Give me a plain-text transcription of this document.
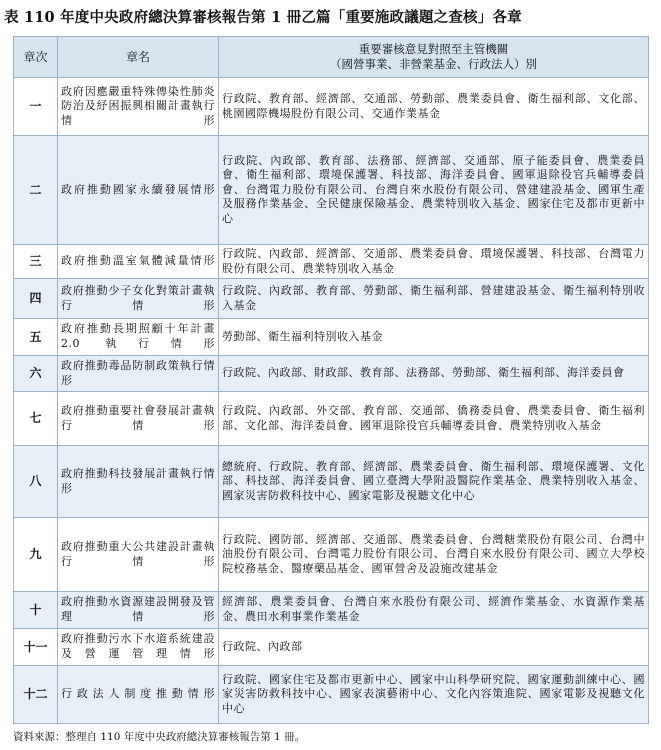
表 110 年度中央政府總決算審核報告第 1 冊乙篇「重要施政議題之查核」各章
章次	章名	重要審核意見對照至主管機關
（國營事業、非營業基金、行政法人）別

一	政府因應嚴重特殊傳染性肺炎防治及紓困振興相關計畫執行情形	行政院、教育部、經濟部、交通部、勞動部、農業委員會、衛生福利部、文化部、桃園國際機場股份有限公司、交通作業基金
二	政府推動國家永續發展情形	行政院、內政部、教育部、法務部、經濟部、交通部、原子能委員會、農業委員會、衛生福利部、環境保護署、科技部、海洋委員會、國軍退除役官兵輔導委員會、台灣電力股份有限公司、台灣自來水股份有限公司、營建建設基金、國軍生產及服務作業基金、全民健康保險基金、農業特別收入基金、國家住宅及都市更新中心
三	政府推動溫室氣體減量情形	行政院、內政部、經濟部、交通部、農業委員會、環境保護署、科技部、台灣電力股份有限公司、農業特別收入基金
四	政府推動少子女化對策計畫執行情形	行政院、內政部、教育部、勞動部、衛生福利部、營建建設基金、衛生福利特別收入基金
五	政府推動長期照顧十年計畫 2.0 執行情形	勞動部、衛生福利特別收入基金
六	政府推動毒品防制政策執行情形	行政院、內政部、財政部、教育部、法務部、勞動部、衛生福利部、海洋委員會
七	政府推動重要社會發展計畫執行情形	行政院、內政部、外交部、教育部、交通部、僑務委員會、農業委員會、衛生福利部、文化部、海洋委員會、國軍退除役官兵輔導委員會、農業特別收入基金
八	政府推動科技發展計畫執行情形	總統府、行政院、教育部、經濟部、農業委員會、衛生福利部、環境保護署、文化部、科技部、海洋委員會、國立臺灣大學附設醫院作業基金、農業特別收入基金、國家災害防救科技中心、國家電影及視聽文化中心
九	政府推動重大公共建設計畫執行情形	行政院、國防部、經濟部、交通部、農業委員會、台灣糖業股份有限公司、台灣中油股份有限公司、台灣電力股份有限公司、台灣自來水股份有限公司、國立大學校院校務基金、醫療藥品基金、國軍營舍及設施改建基金
十	政府推動水資源建設開發及管理情形	經濟部、農業委員會、台灣自來水股份有限公司、經濟作業基金、水資源作業基金、農田水利事業作業基金
十一	政府推動污水下水道系統建設及營運管理情形	行政院、內政部
十二	行政法人制度推動情形	行政院、國家住宅及都市更新中心、國家中山科學研究院、國家運動訓練中心、國家災害防救科技中心、國家表演藝術中心、文化內容策進院、國家電影及視聽文化中心
資料來源：整理自 110 年度中央政府總決算審核報告第 1 冊。
